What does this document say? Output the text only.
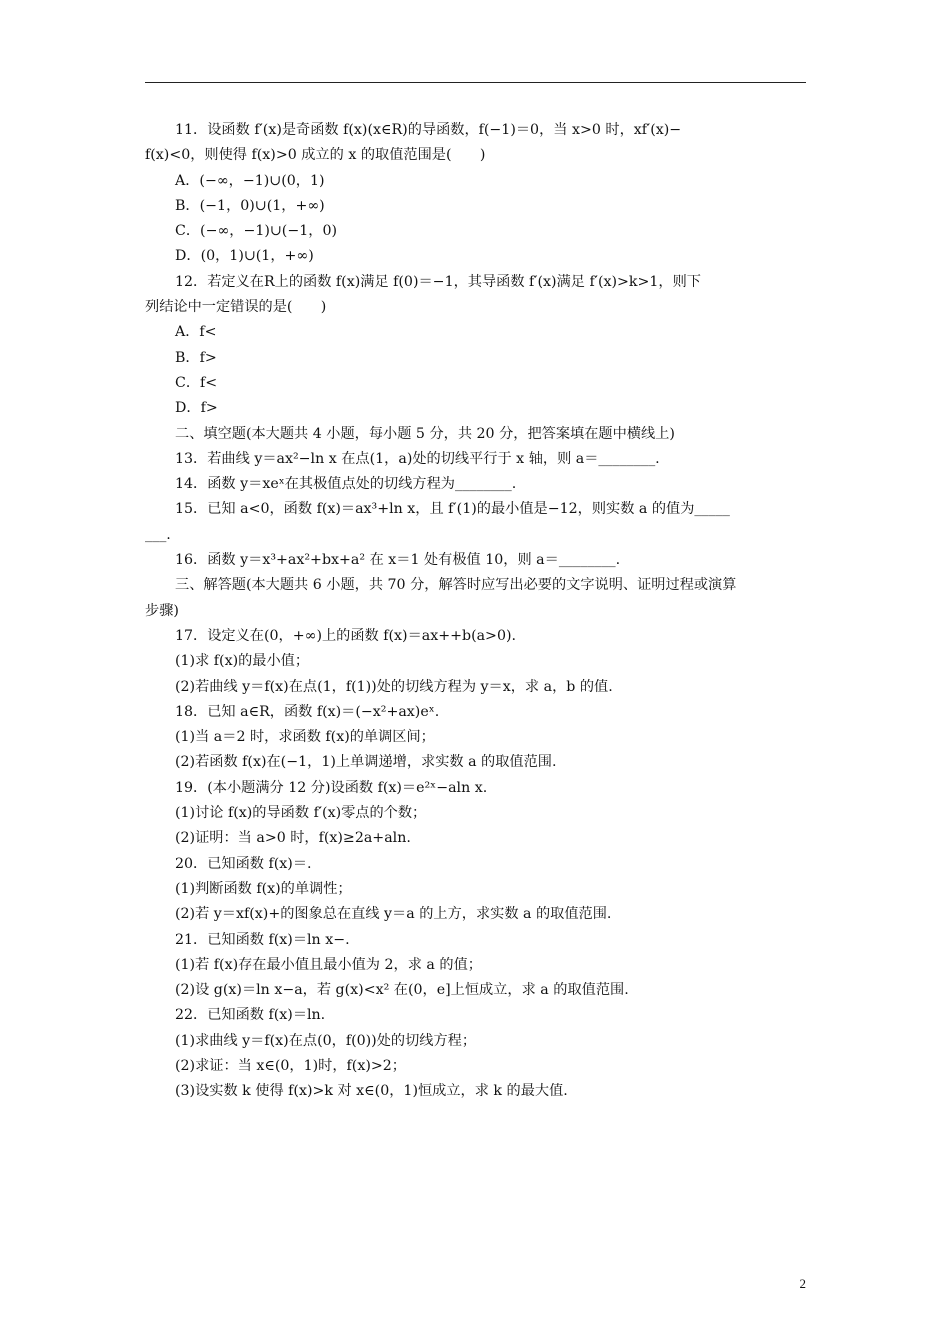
11．设函数 f′(x)是奇函数 f(x)(x∈R)的导函数，f(−1)＝0，当 x>0 时，xf′(x)−
f(x)<0，则使得 f(x)>0 成立的 x 的取值范围是(　　)
A．(−∞，−1)∪(0，1)
B．(−1，0)∪(1，+∞)
C．(−∞，−1)∪(−1，0)
D．(0，1)∪(1，+∞)
12．若定义在R上的函数 f(x)满足 f(0)＝−1，其导函数 f′(x)满足 f′(x)>k>1，则下
列结论中一定错误的是(　　)
A．f<
B．f>
C．f<
D．f>
二、填空题(本大题共 4 小题，每小题 5 分，共 20 分，把答案填在题中横线上)
13．若曲线 y＝ax²−ln x 在点(1，a)处的切线平行于 x 轴，则 a＝________.
14．函数 y＝xeˣ在其极值点处的切线方程为________.
15．已知 a<0，函数 f(x)＝ax³+ln x，且 f′(1)的最小值是−12，则实数 a 的值为_____
___.
16．函数 y＝x³+ax²+bx+a² 在 x＝1 处有极值 10，则 a＝________.
三、解答题(本大题共 6 小题，共 70 分，解答时应写出必要的文字说明、证明过程或演算
步骤)
17．设定义在(0，+∞)上的函数 f(x)＝ax++b(a>0).
(1)求 f(x)的最小值；
(2)若曲线 y＝f(x)在点(1，f(1))处的切线方程为 y＝x，求 a，b 的值.
18．已知 a∈R，函数 f(x)＝(−x²+ax)eˣ.
(1)当 a＝2 时，求函数 f(x)的单调区间；
(2)若函数 f(x)在(−1，1)上单调递增，求实数 a 的取值范围.
19．(本小题满分 12 分)设函数 f(x)＝e²ˣ−aln x.
(1)讨论 f(x)的导函数 f′(x)零点的个数；
(2)证明：当 a>0 时，f(x)≥2a+aln.
20．已知函数 f(x)＝.
(1)判断函数 f(x)的单调性；
(2)若 y＝xf(x)+的图象总在直线 y＝a 的上方，求实数 a 的取值范围.
21．已知函数 f(x)＝ln x−.
(1)若 f(x)存在最小值且最小值为 2，求 a 的值；
(2)设 g(x)＝ln x−a，若 g(x)<x² 在(0，e]上恒成立，求 a 的取值范围.
22．已知函数 f(x)＝ln.
(1)求曲线 y＝f(x)在点(0，f(0))处的切线方程；
(2)求证：当 x∈(0，1)时，f(x)>2；
(3)设实数 k 使得 f(x)>k 对 x∈(0，1)恒成立，求 k 的最大值.
2
